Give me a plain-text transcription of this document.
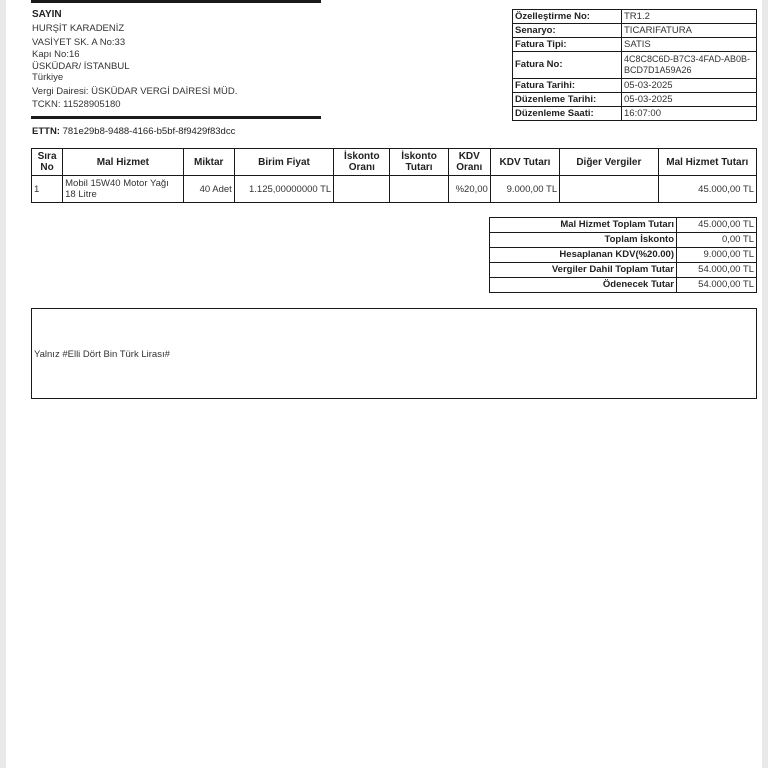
SAYIN
HURŞİT KARADENİZ
VASİYET SK. A No:33
Kapı No:16
ÜSKÜDAR/ İSTANBUL
Türkiye
Vergi Dairesi: ÜSKÜDAR VERGİ DAİRESİ MÜD.
TCKN: 11528905180
ETTN: 781e29b8-9488-4166-b5bf-8f9429f83dcc
Özelleştirme No:	TR1.2
Senaryo:	TICARIFATURA
Fatura Tipi:	SATIS
Fatura No:	4C8C8C6D-B7C3-4FAD-AB0B-BCD7D1A59A26
Fatura Tarihi:	05-03-2025
Düzenleme Tarihi:	05-03-2025
Düzenleme Saati:	16:07:00
Sıra No	Mal Hizmet	Miktar	Birim Fiyat	İskonto Oranı	İskonto Tutarı	KDV Oranı	KDV Tutarı	Diğer Vergiler	Mal Hizmet Tutarı
1	Mobil 15W40 Motor Yağı 18 Litre	40 Adet	1.125,00000000 TL			%20,00	9.000,00 TL		45.000,00 TL
Mal Hizmet Toplam Tutarı	45.000,00 TL
Toplam İskonto	0,00 TL
Hesaplanan KDV(%20.00)	9.000,00 TL
Vergiler Dahil Toplam Tutar	54.000,00 TL
Ödenecek Tutar	54.000,00 TL
Yalnız #Elli Dört Bin Türk Lirası#
